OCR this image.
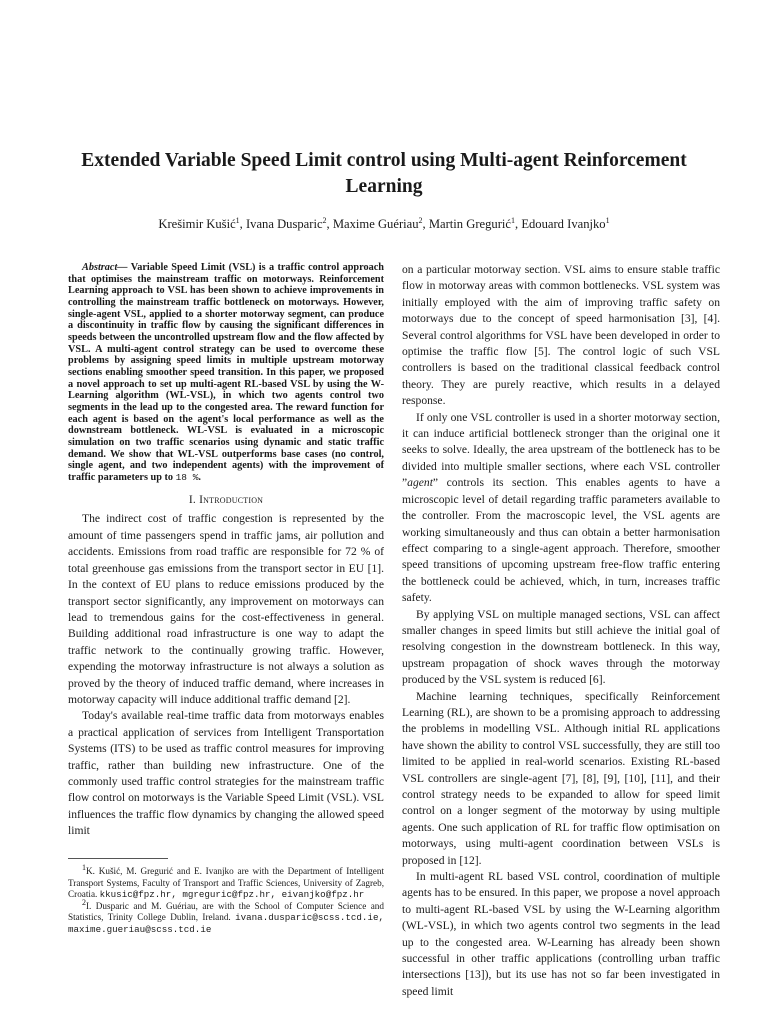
Extended Variable Speed Limit control using Multi-agent Reinforcement Learning

Krešimir Kušić$^1$, Ivana Dusparic$^2$, Maxime Guériau$^2$, Martin Gregurić$^1$, Edouard Ivanjko$^1$

Abstract— Variable Speed Limit (VSL) is a traffic control approach that optimises the mainstream traffic on motorways. Reinforcement Learning approach to VSL has been shown to achieve improvements in controlling the mainstream traffic bottleneck on motorways. However, single-agent VSL, applied to a shorter motorway segment, can produce a discontinuity in traffic flow by causing the significant differences in speeds between the uncontrolled upstream flow and the flow affected by VSL. A multi-agent control strategy can be used to overcome these problems by assigning speed limits in multiple upstream motorway sections enabling smoother speed transition. In this paper, we proposed a novel approach to set up multi-agent RL-based VSL by using the W-Learning algorithm (WL-VSL), in which two agents control two segments in the lead up to the congested area. The reward function for each agent is based on the agent's local performance as well as the downstream bottleneck. WL-VSL is evaluated in a microscopic simulation on two traffic scenarios using dynamic and static traffic demand. We show that WL-VSL outperforms base cases (no control, single agent, and two independent agents) with the improvement of traffic parameters up to 18 %.

I. Introduction

The indirect cost of traffic congestion is represented by the amount of time passengers spend in traffic jams, air pollution and accidents. Emissions from road traffic are responsible for 72 % of total greenhouse gas emissions from the transport sector in EU [1]. In the context of EU plans to reduce emissions produced by the transport sector significantly, any improvement on motorways can lead to tremendous gains for the cost-effectiveness in general. Building additional road infrastructure is one way to adapt the traffic network to the continually growing traffic. However, expending the motorway infrastructure is not always a solution as proved by the theory of induced traffic demand, where increases in motorway capacity will induce additional traffic demand [2].

Today's available real-time traffic data from motorways enables a practical application of services from Intelligent Transportation Systems (ITS) to be used as traffic control measures for improving traffic, rather than building new infrastructure. One of the commonly used traffic control strategies for the mainstream traffic flow control on motorways is the Variable Speed Limit (VSL). VSL influences the traffic flow dynamics by changing the allowed speed limit

$^1$K. Kušić, M. Gregurić and E. Ivanjko are with the Department of Intelligent Transport Systems, Faculty of Transport and Traffic Sciences, University of Zagreb, Croatia. kkusic@fpz.hr, mgreguric@fpz.hr, eivanjko@fpz.hr

$^2$I. Dusparic and M. Guériau, are with the School of Computer Science and Statistics, Trinity College Dublin, Ireland. ivana.dusparic@scss.tcd.ie, maxime.gueriau@scss.tcd.ie

on a particular motorway section. VSL aims to ensure stable traffic flow in motorway areas with common bottlenecks. VSL system was initially employed with the aim of improving traffic safety on motorways due to the concept of speed harmonisation [3], [4]. Several control algorithms for VSL have been developed in order to optimise the traffic flow [5]. The control logic of such VSL controllers is based on the traditional classical feedback control theory. They are purely reactive, which results in a delayed response.

If only one VSL controller is used in a shorter motorway section, it can induce artificial bottleneck stronger than the original one it seeks to solve. Ideally, the area upstream of the bottleneck has to be divided into multiple smaller sections, where each VSL controller ”agent” controls its section. This enables agents to have a microscopic level of detail regarding traffic parameters available to the controller. From the macroscopic level, the VSL agents are working simultaneously and thus can obtain a better harmonisation effect comparing to a single-agent approach. Therefore, smoother speed transitions of upcoming upstream free-flow traffic entering the bottleneck could be achieved, which, in turn, increases traffic safety.

By applying VSL on multiple managed sections, VSL can affect smaller changes in speed limits but still achieve the initial goal of resolving congestion in the downstream bottleneck. In this way, upstream propagation of shock waves through the motorway produced by the VSL system is reduced [6].

Machine learning techniques, specifically Reinforcement Learning (RL), are shown to be a promising approach to addressing the problems in modelling VSL. Although initial RL applications have shown the ability to control VSL successfully, they are still too limited to be applied in real-world scenarios. Existing RL-based VSL controllers are single-agent [7], [8], [9], [10], [11], and their control strategy needs to be expanded to allow for speed limit control on a longer segment of the motorway by using multiple agents. One such application of RL for traffic flow optimisation on motorways, using multi-agent coordination between VSLs is proposed in [12].

In multi-agent RL based VSL control, coordination of multiple agents has to be ensured. In this paper, we propose a novel approach to multi-agent RL-based VSL by using the W-Learning algorithm (WL-VSL), in which two agents control two segments in the lead up to the congested area. W-Learning has already been shown successful in other traffic applications (controlling urban traffic intersections [13]), but its use has not so far been investigated in speed limit
